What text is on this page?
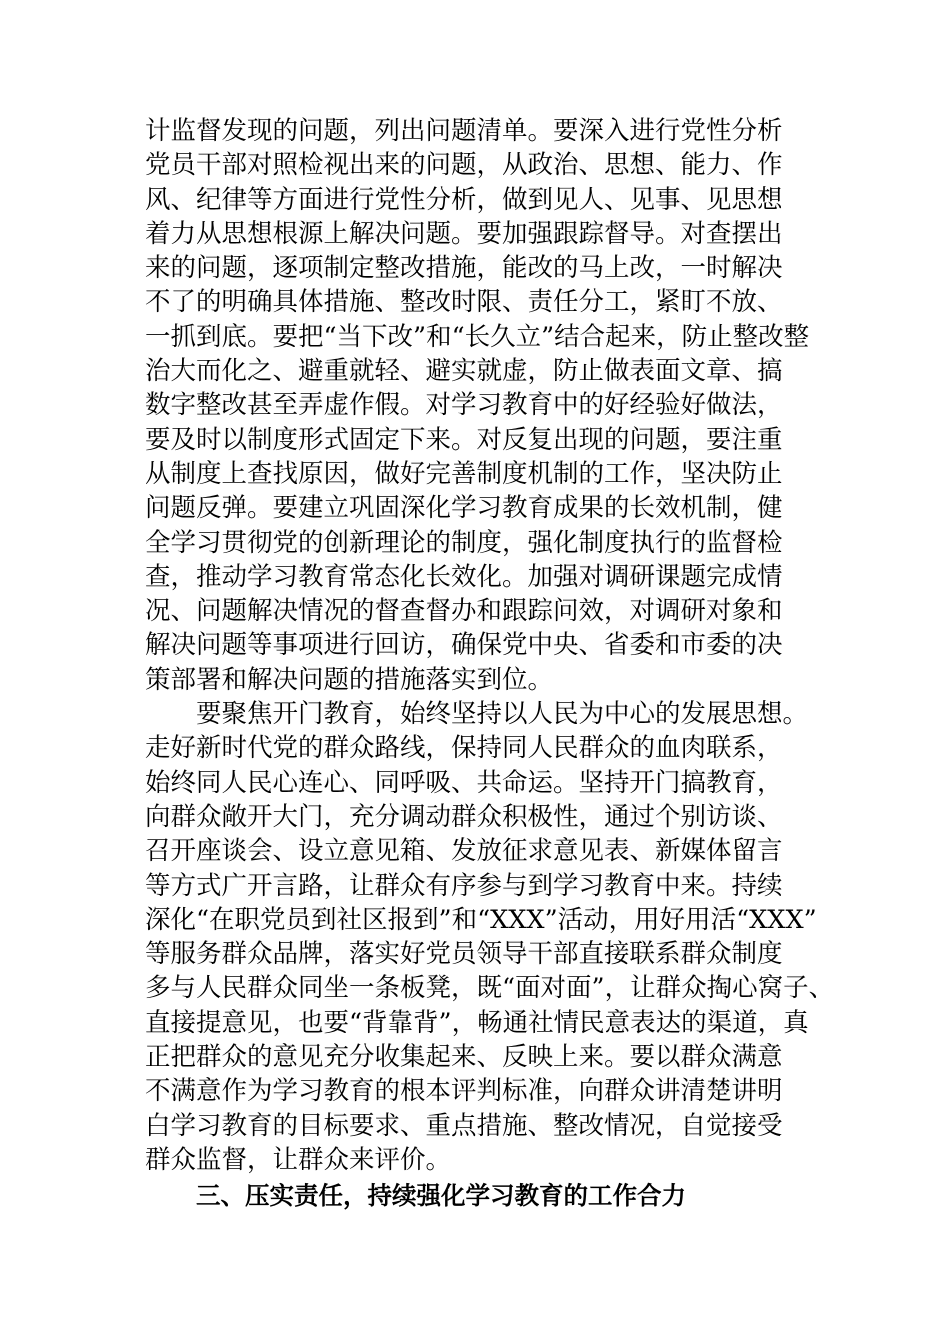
计监督发现的问题，列出问题清单。要深入进行党性分析
党员干部对照检视出来的问题，从政治、思想、能力、作
风、纪律等方面进行党性分析，做到见人、见事、见思想
着力从思想根源上解决问题。要加强跟踪督导。对查摆出
来的问题，逐项制定整改措施，能改的马上改，一时解决
不了的明确具体措施、整改时限、责任分工，紧盯不放、
一抓到底。要把“当下改”和“长久立”结合起来，防止整改整
治大而化之、避重就轻、避实就虚，防止做表面文章、搞
数字整改甚至弄虚作假。对学习教育中的好经验好做法，
要及时以制度形式固定下来。对反复出现的问题，要注重
从制度上查找原因，做好完善制度机制的工作，坚决防止
问题反弹。要建立巩固深化学习教育成果的长效机制，健
全学习贯彻党的创新理论的制度，强化制度执行的监督检
查，推动学习教育常态化长效化。加强对调研课题完成情
况、问题解决情况的督查督办和跟踪问效，对调研对象和
解决问题等事项进行回访，确保党中央、省委和市委的决
策部署和解决问题的措施落实到位。
要聚焦开门教育，始终坚持以人民为中心的发展思想。
走好新时代党的群众路线，保持同人民群众的血肉联系，
始终同人民心连心、同呼吸、共命运。坚持开门搞教育，
向群众敞开大门，充分调动群众积极性，通过个别访谈、
召开座谈会、设立意见箱、发放征求意见表、新媒体留言
等方式广开言路，让群众有序参与到学习教育中来。持续
深化“在职党员到社区报到”和“XXX”活动，用好用活“XXX”
等服务群众品牌，落实好党员领导干部直接联系群众制度
多与人民群众同坐一条板凳，既“面对面”，让群众掏心窝子、
直接提意见，也要“背靠背”，畅通社情民意表达的渠道，真
正把群众的意见充分收集起来、反映上来。要以群众满意
不满意作为学习教育的根本评判标准，向群众讲清楚讲明
白学习教育的目标要求、重点措施、整改情况，自觉接受
群众监督，让群众来评价。
三、压实责任，持续强化学习教育的工作合力
